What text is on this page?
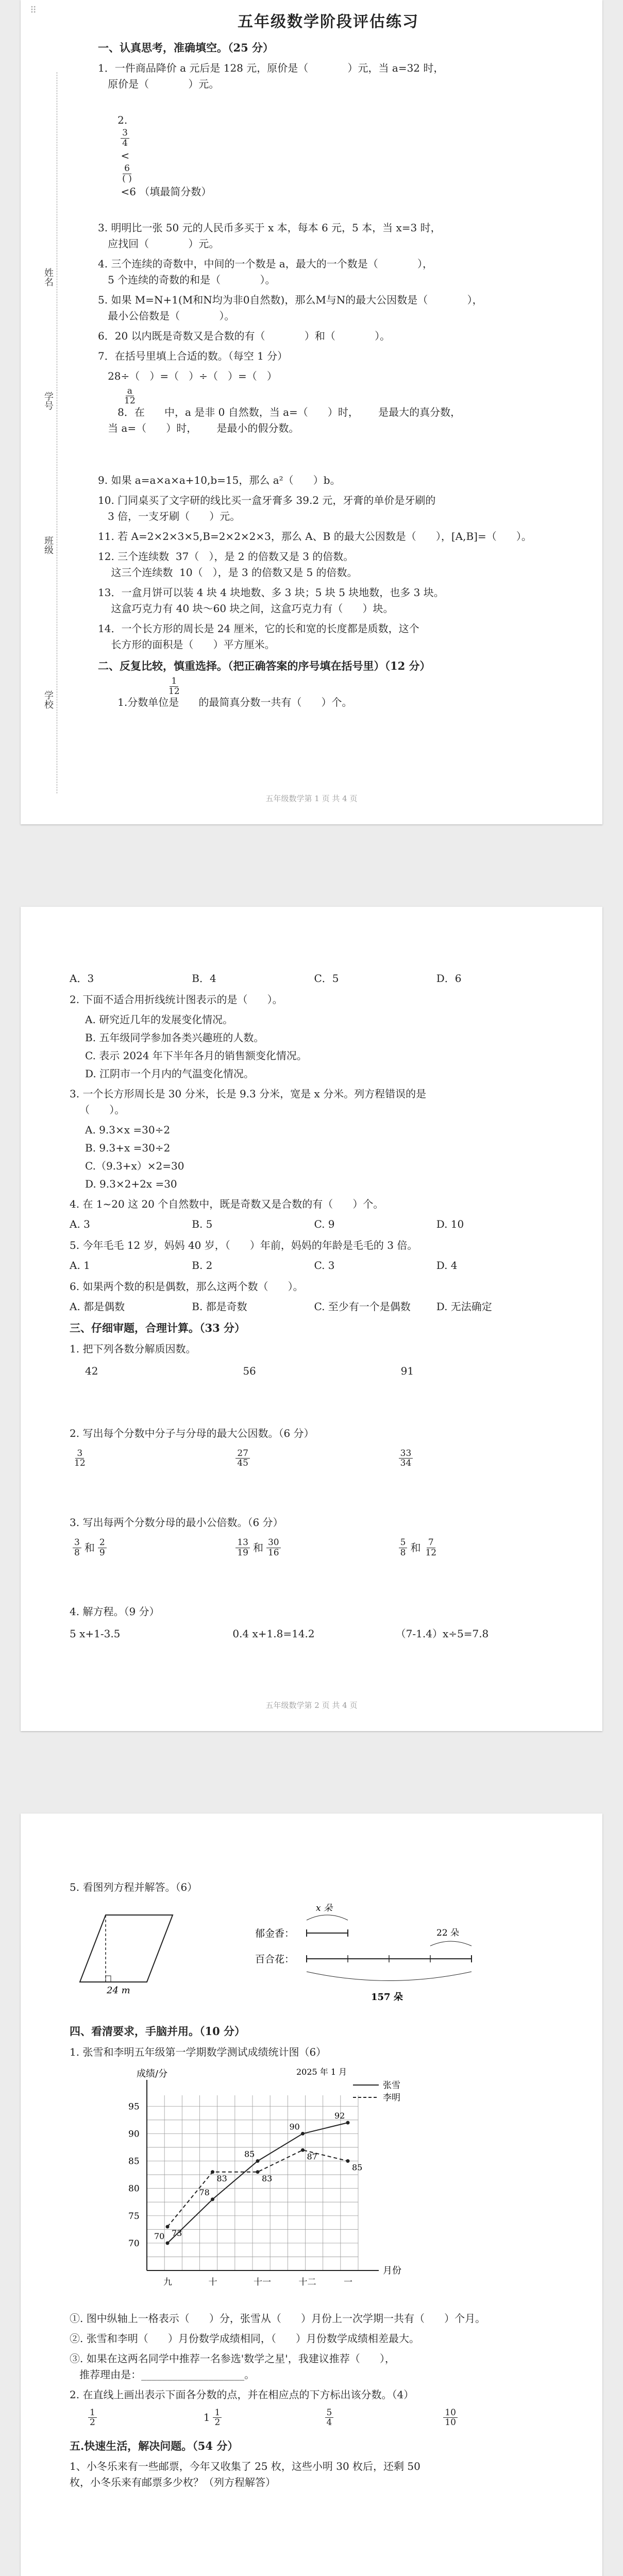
⠿
姓名
学号
班级
学校
五年级数学阶段评估练习
一、认真思考，准确填空。（25 分）
1．一件商品降价 a 元后是 128 元，原价是（            ）元，当 a=32 时，
原价是（            ）元。

2.

$\frac{3}{4}$

<

$\frac{6}{( )}$

<6 （填最简分数）

3. 明明比一张 50 元的人民币多买于 x 本，每本 6 元，5 本，当 x=3 时，
应找回（            ）元。
4. 三个连续的奇数中，中间的一个数是 a，最大的一个数是（            ），
5 个连续的奇数的和是（            ）。
5. 如果 M=N+1(M和N均为非0自然数)，那么M与N的最大公因数是（            ），
最小公倍数是（            ）。
6．20 以内既是奇数又是合数的有（            ）和（            ）。
7．在括号里填上合适的数。（每空 1 分）
28÷（   ）=（   ）÷（   ）=（   ）

8．在      中，a 是非 0 自然数，当 a=（      ）时，      是最大的真分数，
当 a=（      ）时，      是最小的假分数。

$\frac{a}{12}$

9. 如果 a=a×a×a+10,b=15，那么 a²（      ）b。
10. 门同桌买了文字研的线比买一盒牙膏多 39.2 元，牙膏的单价是牙刷的
3 倍，一支牙刷（      ）元。
11. 若 A=2×2×3×5,B=2×2×2×3，那么 A、B 的最大公因数是（      ），[A,B]=（      ）。
12. 三个连续数  37（   ），是 2 的倍数又是 3 的倍数。
这三个连续数  10（   ），是 3 的倍数又是 5 的倍数。
13．一盒月饼可以装 4 块 4 块地数、多 3 块；5 块 5 块地数，也多 3 块。
这盒巧克力有 40 块～60 块之间，这盒巧克力有（      ）块。
14．一个长方形的周长是 24 厘米，它的长和宽的长度都是质数，这个
长方形的面积是（      ）平方厘米。
二、反复比较，慎重选择。（把正确答案的序号填在括号里）（12 分）

1.分数单位是      的最简真分数一共有（      ）个。

$\frac{1}{12}$

五年级数学第 1 页 共 4 页
A．3	B．4	C．5	D．6
2. 下面不适合用折线统计图表示的是（      ）。
A. 研究近几年的发展变化情况。
B. 五年级同学参加各类兴趣班的人数。
C. 表示 2024 年下半年各月的销售额变化情况。
D. 江阴市一个月内的气温变化情况。
3. 一个长方形周长是 30 分米，长是 9.3 分米，宽是 x 分米。列方程错误的是
（      ）。
A. 9.3×x =30÷2
B. 9.3+x =30÷2
C.（9.3+x）×2=30
D. 9.3×2+2x =30
4. 在 1~20 这 20 个自然数中，既是奇数又是合数的有（      ）个。
A. 3	B. 5	C. 9	D. 10
5. 今年毛毛 12 岁，妈妈 40 岁，（      ）年前，妈妈的年龄是毛毛的 3 倍。
A. 1	B. 2	C. 3	D. 4
6. 如果两个数的积是偶数，那么这两个数（      ）。
A. 都是偶数	B. 都是奇数	C. 至少有一个是偶数	D. 无法确定
三、仔细审题，合理计算。（33 分）
1. 把下列各数分解质因数。
42	56	91
2. 写出每个分数中分子与分母的最大公因数。（6 分）
$\frac{3}{12}$	$\frac{27}{45}$	$\frac{33}{34}$
3. 写出每两个分数分母的最小公倍数。（6 分）
$\frac{3}{8}$ 和 $\frac{2}{9}$	$\frac{13}{19}$ 和 $\frac{30}{16}$	$\frac{5}{8}$ 和 $\frac{7}{12}$
4. 解方程。（9 分）
5 x+1-3.5	0.4 x+1.8=14.2	（7-1.4）x÷5=7.8
五年级数学第 2 页 共 4 页
5. 看图列方程并解答。（6）
24 m
郁金香：
百合花：
x 朵
22 朵
157 朵
四、看清要求，手脑并用。（10 分）
1. 张雪和李明五年级第一学期数学测试成绩统计图（6）
成绩/分
月份
2025 年 1 月
70
75
80
85
90
95
九	十	十一	十二	一
张雪
李明
70
78
85
90
92
73
83	83
87
85
①. 图中纵轴上一格表示（      ）分，张雪从（      ）月份上一次学期一共有（      ）个月。
②. 张雪和李明（      ）月份数学成绩相同，（      ）月份数学成绩相差最大。
③. 如果在这两名同学中推荐一名参选'数学之星'，我建议推荐（      ），
推荐理由是：____________________。
2. 在直线上画出表示下面各分数的点，并在相应点的下方标出该分数。（4）
$\frac{1}{2}$	$1 \frac{1}{2}$	$\frac{5}{4}$	$\frac{10}{10}$
五.快速生活，解决问题。（54 分）
1、小冬乐来有一些邮票，今年又收集了 25 枚，这些小明 30 枚后，还剩 50
枚，小冬乐来有邮票多少枚？（列方程解答）
